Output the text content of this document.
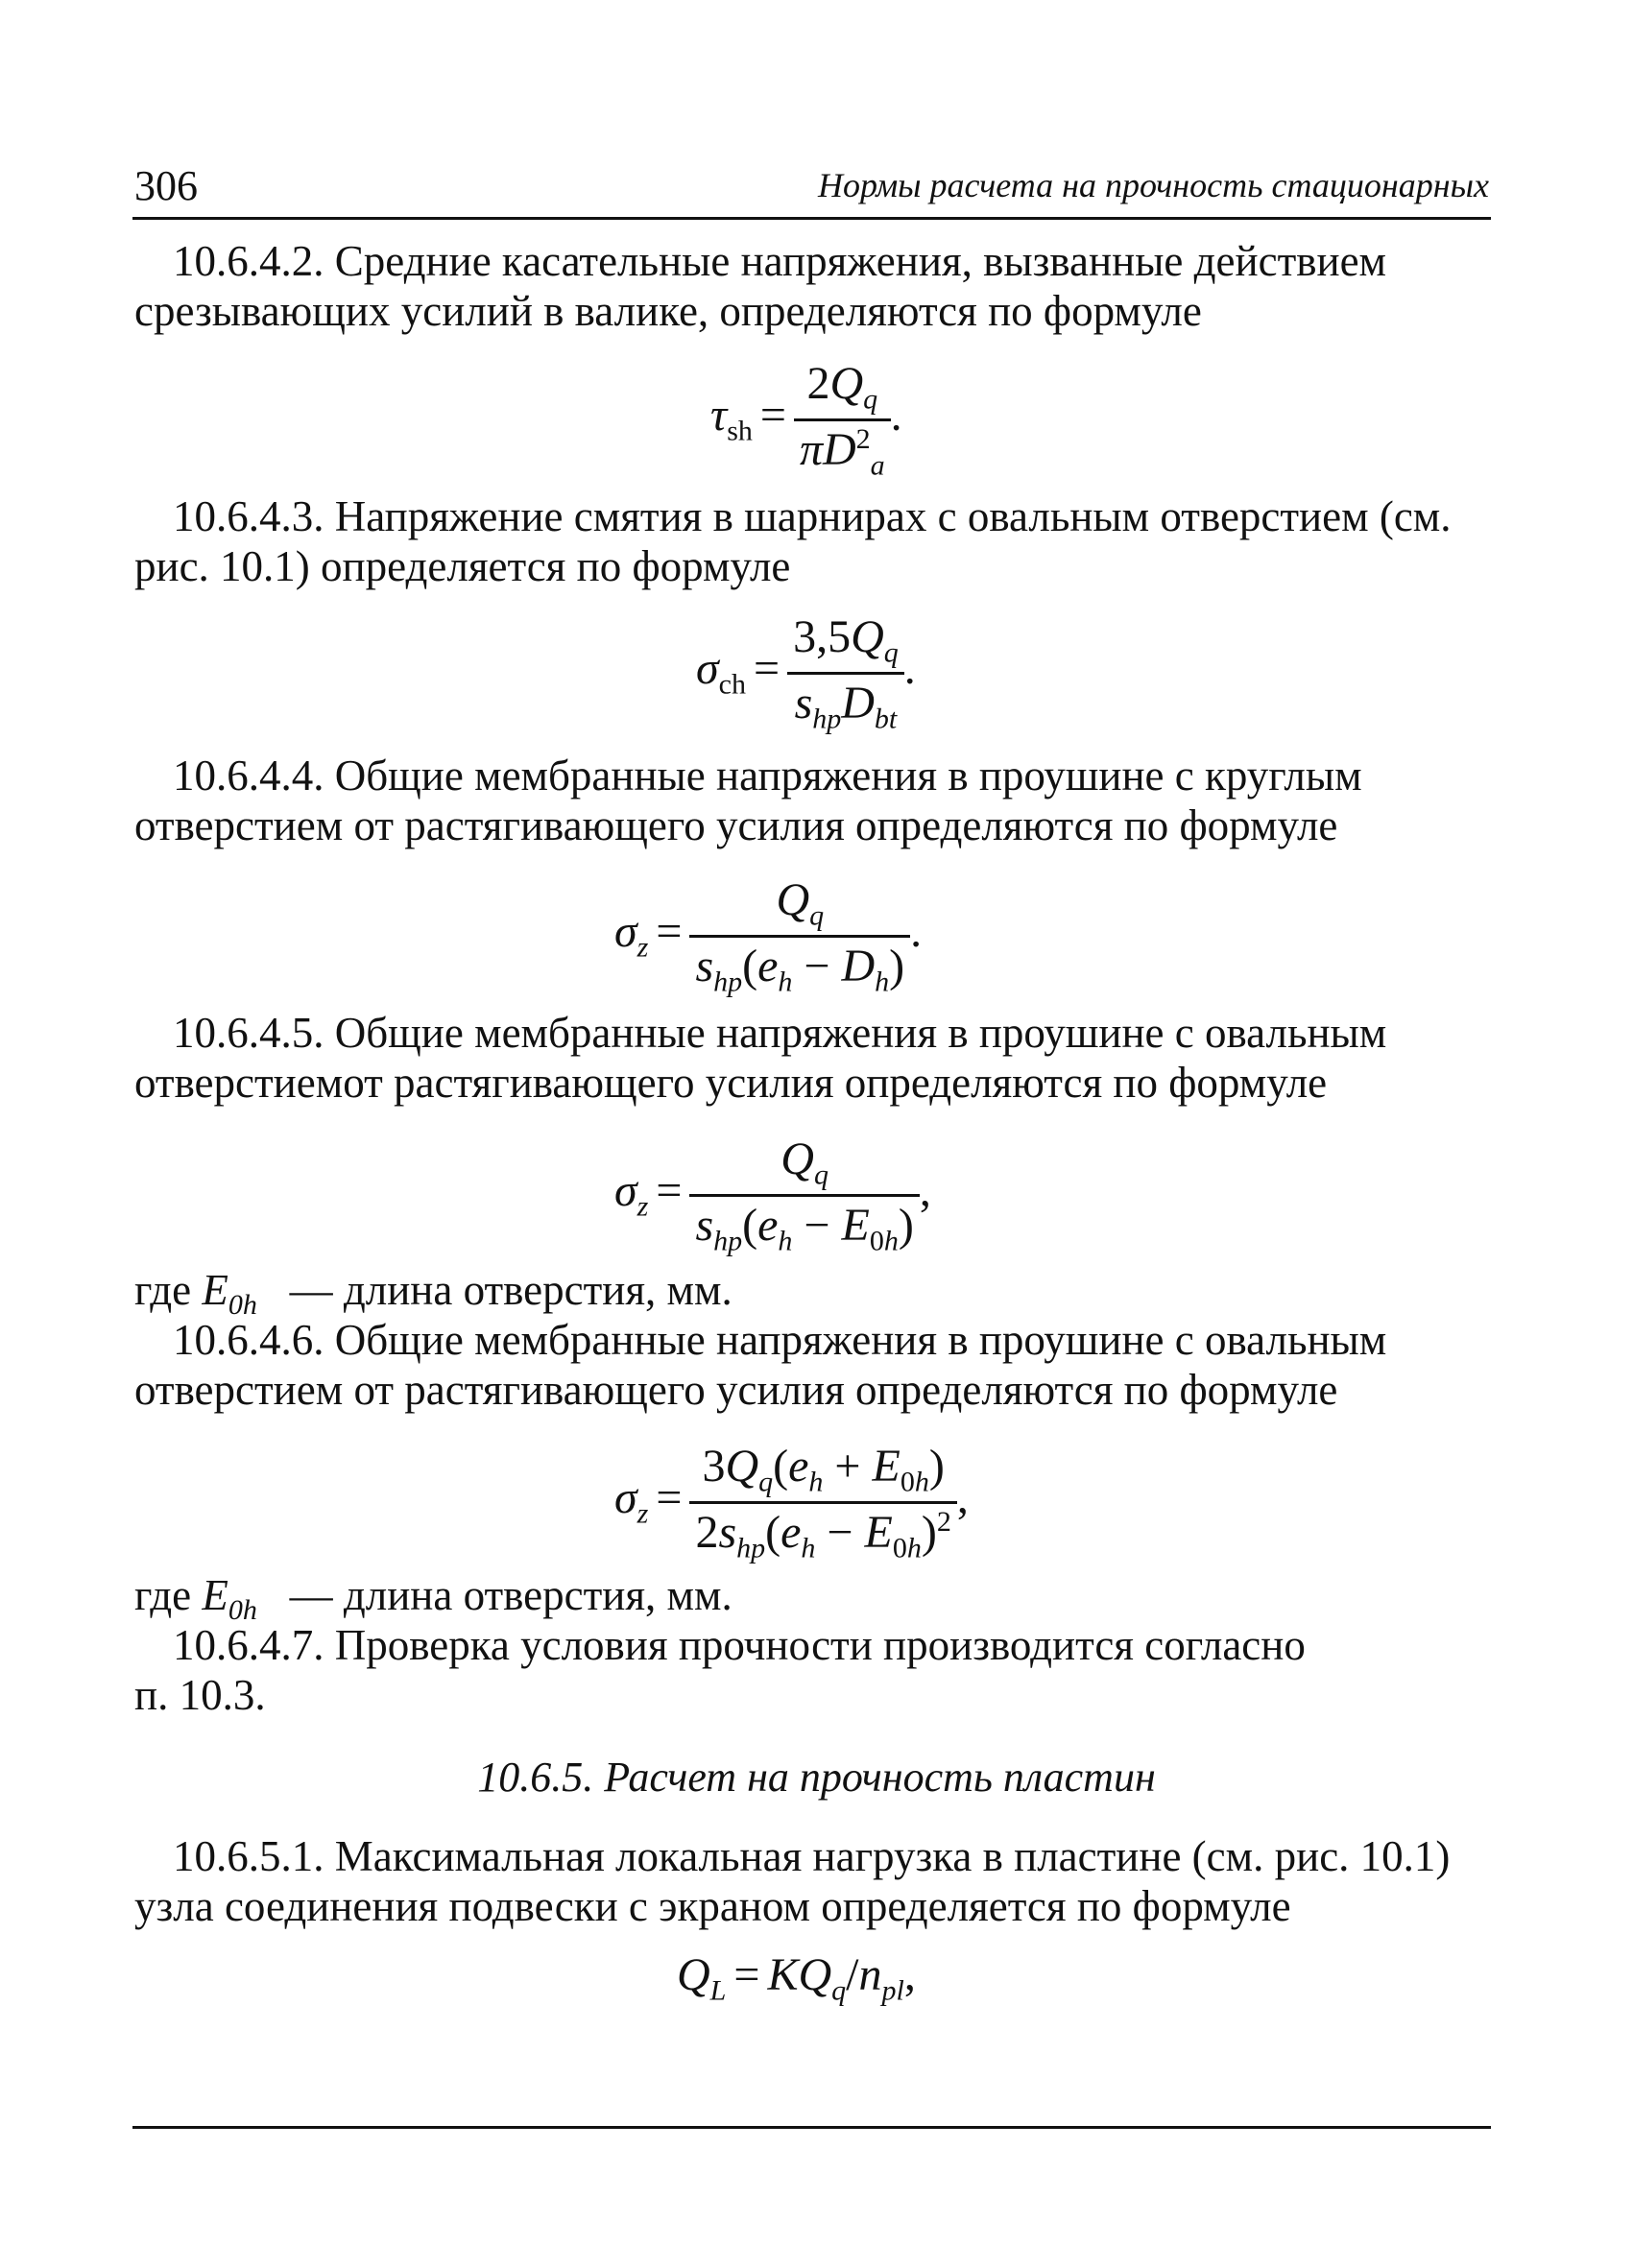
306	Нормы расчета на прочность стационарных

10.6.4.2. Средние касательные напряжения, вызванные действием
срезывающих усилий в валике, определяются по формуле

$\tau_{sh} = \frac{2Q_q}{\pi D^2_a}$ .

10.6.4.3. Напряжение смятия в шарнирах с овальным отверстием (см.
рис. 10.1) определяется по формуле

$\sigma_{ch} = \frac{3,5Q_q}{s_{hp}D_{bt}}$ .

10.6.4.4. Общие мембранные напряжения в проушине с круглым
отверстием от растягивающего усилия определяются по формуле

$\sigma_z = \frac{Q_q}{s_{hp}(e_h - D_h)}$ .

10.6.4.5. Общие мембранные напряжения в проушине с овальным
отверстиемот растягивающего усилия определяются по формуле

$\sigma_z = \frac{Q_q}{s_{hp}(e_h - E_{0h})}$ ,
где $E_{0h}$ — длина отверстия, мм.

10.6.4.6. Общие мембранные напряжения в проушине с овальным
отверстием от растягивающего усилия определяются по формуле

$\sigma_z = \frac{3Q_q(e_h + E_{0h})}{2s_{hp}(e_h - E_{0h})^2}$ ,
где $E_{0h}$ — длина отверстия, мм.

10.6.4.7. Проверка условия прочности производится согласно
п. 10.3.

10.6.5. Расчет на прочность пластин

10.6.5.1. Максимальная локальная нагрузка в пластине (см. рис. 10.1)
узла соединения подвески с экраном определяется по формуле

$Q_L = KQ_q/n_{pl}$,
